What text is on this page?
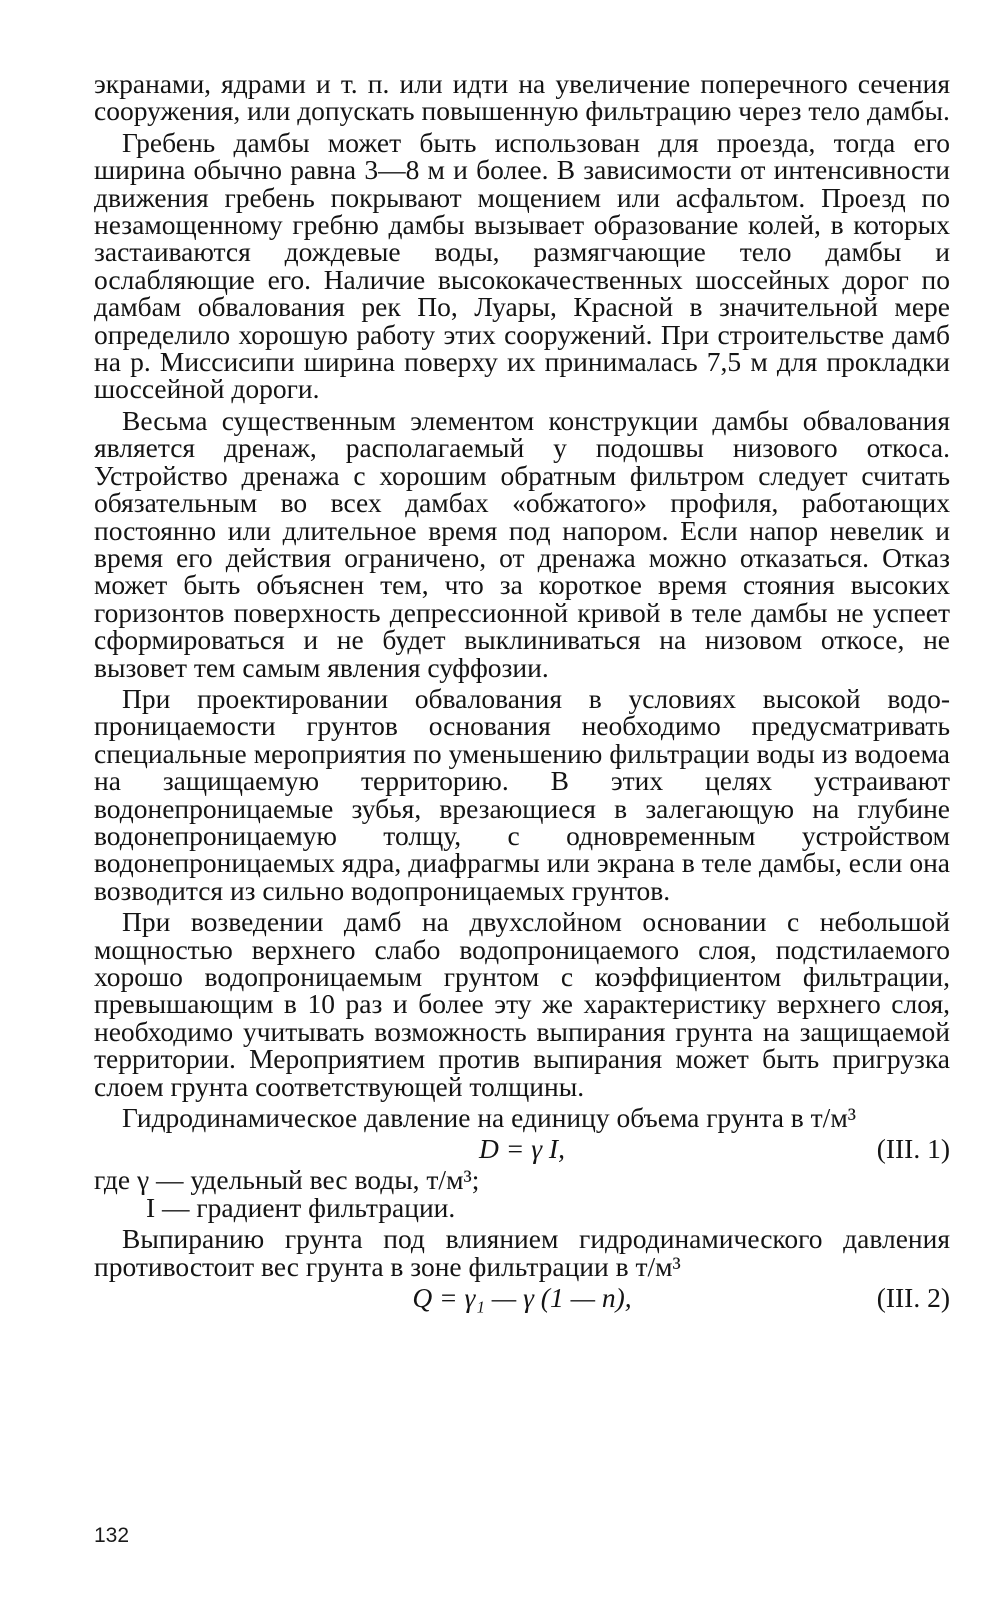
экранами, ядрами и т. п. или идти на увеличение поперечного сечения сооружения, или допускать повышенную фильтрацию через тело дамбы.

Гребень дамбы может быть использован для проезда, тогда его ширина обычно равна 3—8 м и более. В зависимости от интенсивности движения гребень покрывают мощением или асфальтом. Проезд по незамощенному гребню дамбы вызывает образование колей, в которых застаиваются дождевые воды, размягчающие тело дамбы и ослабляющие его. Наличие высококачественных шоссейных дорог по дамбам обвалования рек По, Луары, Красной в значительной мере определило хорошую работу этих сооружений. При строительстве дамб на р. Миссисипи ширина поверху их принималась 7,5 м для прокладки шоссейной дороги.

Весьма существенным элементом конструкции дамбы обвалования является дренаж, располагаемый у подошвы низового откоса. Устройство дренажа с хорошим обратным фильтром следует считать обязательным во всех дамбах «обжатого» профиля, работающих постоянно или длительное время под напором. Если напор невелик и время его действия ограничено, от дренажа можно отказаться. Отказ может быть объяснен тем, что за короткое время стояния высоких горизонтов поверхность депрессионной кривой в теле дамбы не успеет сформироваться и не будет выклиниваться на низовом откосе, не вызовет тем самым явления суффозии.

При проектировании обвалования в условиях высокой водопроницаемости грунтов основания необходимо предусматривать специальные мероприятия по уменьшению фильтрации воды из водоема на защищаемую территорию. В этих целях устраивают водонепроницаемые зубья, врезающиеся в залегающую на глубине водонепроницаемую толщу, с одновременным устройством водонепроницаемых ядра, диафрагмы или экрана в теле дамбы, если она возводится из сильно водопроницаемых грунтов.

При возведении дамб на двухслойном основании с небольшой мощностью верхнего слабо водопроницаемого слоя, подстилаемого хорошо водопроницаемым грунтом с коэффициентом фильтрации, превышающим в 10 раз и более эту же характеристику верхнего слоя, необходимо учитывать возможность выпирания грунта на защищаемой территории. Мероприятием против выпирания может быть пригрузка слоем грунта соответствующей толщины.

Гидродинамическое давление на единицу объема грунта в т/м³

D = γ I,	(III. 1)
где γ — удельный вес воды, т/м³;
I — градиент фильтрации.

Выпиранию грунта под влиянием гидродинамического давления противостоит вес грунта в зоне фильтрации в т/м³

Q = γ₁ — γ (1 — n),	(III. 2)
132
